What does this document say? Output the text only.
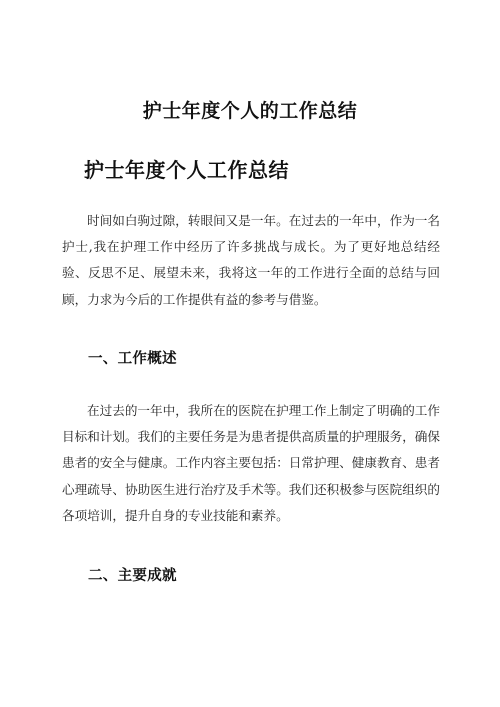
护士年度个人的工作总结
护士年度个人工作总结

时间如白驹过隙，转眼间又是一年。在过去的一年中，作为一名护士,我在护理工作中经历了许多挑战与成长。为了更好地总结经验、反思不足、展望未来，我将这一年的工作进行全面的总结与回顾，力求为今后的工作提供有益的参考与借鉴。

一、工作概述

在过去的一年中，我所在的医院在护理工作上制定了明确的工作目标和计划。我们的主要任务是为患者提供高质量的护理服务，确保患者的安全与健康。工作内容主要包括：日常护理、健康教育、患者心理疏导、协助医生进行治疗及手术等。我们还积极参与医院组织的各项培训，提升自身的专业技能和素养。

二、主要成就
